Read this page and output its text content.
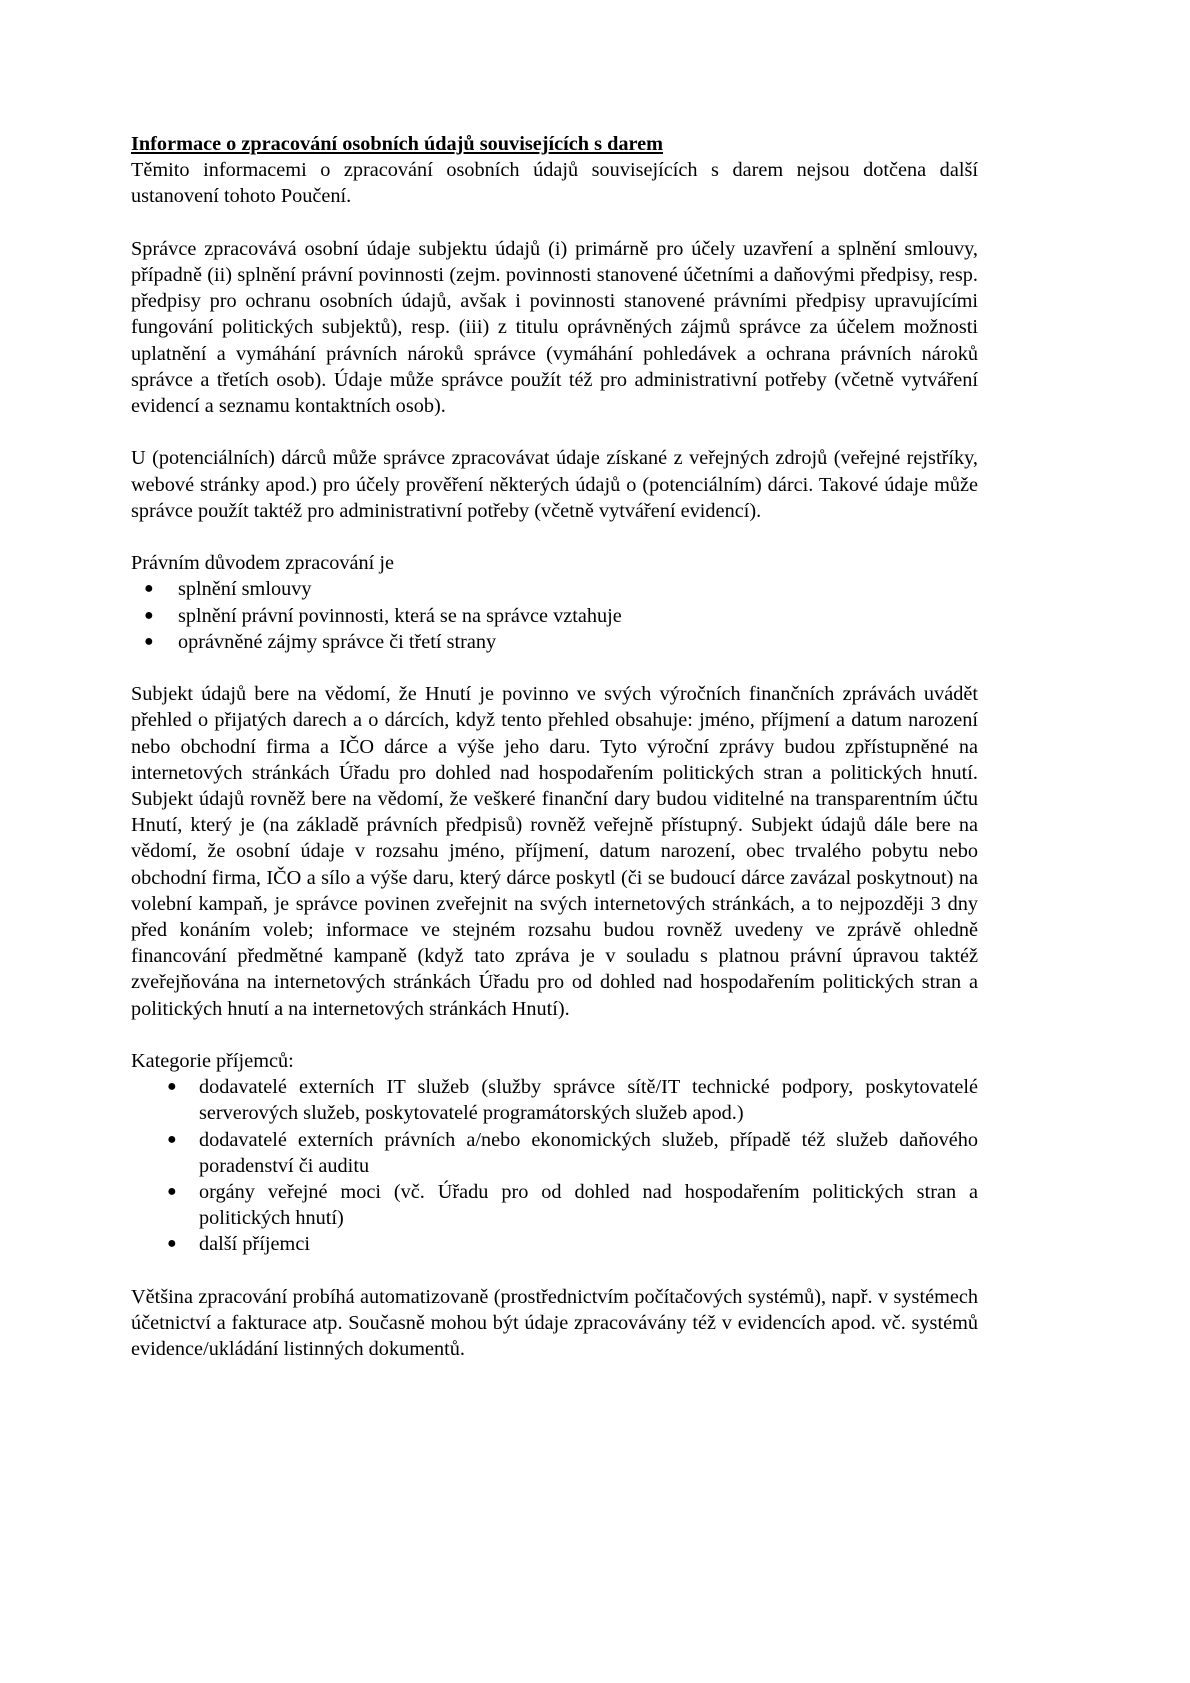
Informace o zpracování osobních údajů souvisejících s darem

Těmito informacemi o zpracování osobních údajů souvisejících s darem nejsou dotčena další ustanovení tohoto Poučení.

Správce zpracovává osobní údaje subjektu údajů (i) primárně pro účely uzavření a splnění smlouvy, případně (ii) splnění právní povinnosti (zejm. povinnosti stanovené účetními a daňovými předpisy, resp. předpisy pro ochranu osobních údajů, avšak i povinnosti stanovené právními předpisy upravujícími fungování politických subjektů), resp. (iii) z titulu oprávněných zájmů správce za účelem možnosti uplatnění a vymáhání právních nároků správce (vymáhání pohledávek a ochrana právních nároků správce a třetích osob). Údaje může správce použít též pro administrativní potřeby (včetně vytváření evidencí a seznamu kontaktních osob).

U (potenciálních) dárců může správce zpracovávat údaje získané z veřejných zdrojů (veřejné rejstříky, webové stránky apod.) pro účely prověření některých údajů o (potenciálním) dárci. Takové údaje může správce použít taktéž pro administrativní potřeby (včetně vytváření evidencí).

Právním důvodem zpracování je

● splnění smlouvy
● splnění právní povinnosti, která se na správce vztahuje
● oprávněné zájmy správce či třetí strany

Subjekt údajů bere na vědomí, že Hnutí je povinno ve svých výročních finančních zprávách uvádět přehled o přijatých darech a o dárcích, když tento přehled obsahuje: jméno, příjmení a datum narození nebo obchodní firma a IČO dárce a výše jeho daru. Tyto výroční zprávy budou zpřístupněné na internetových stránkách Úřadu pro dohled nad hospodařením politických stran a politických hnutí. Subjekt údajů rovněž bere na vědomí, že veškeré finanční dary budou viditelné na transparentním účtu Hnutí, který je (na základě právních předpisů) rovněž veřejně přístupný. Subjekt údajů dále bere na vědomí, že osobní údaje v rozsahu jméno, příjmení, datum narození, obec trvalého pobytu nebo obchodní firma, IČO a sílo a výše daru, který dárce poskytl (či se budoucí dárce zavázal poskytnout) na volební kampaň, je správce povinen zveřejnit na svých internetových stránkách, a to nejpozději 3 dny před konáním voleb; informace ve stejném rozsahu budou rovněž uvedeny ve zprávě ohledně financování předmětné kampaně (když tato zpráva je v souladu s platnou právní úpravou taktéž zveřejňována na internetových stránkách Úřadu pro od dohled nad hospodařením politických stran a politických hnutí a na internetových stránkách Hnutí).

Kategorie příjemců:

● dodavatelé externích IT služeb (služby správce sítě/IT technické podpory, poskytovatelé serverových služeb, poskytovatelé programátorských služeb apod.)
● dodavatelé externích právních a/nebo ekonomických služeb, případě též služeb daňového poradenství či auditu
● orgány veřejné moci (vč. Úřadu pro od dohled nad hospodařením politických stran a politických hnutí)
● další příjemci

Většina zpracování probíhá automatizovaně (prostřednictvím počítačových systémů), např. v systémech účetnictví a fakturace atp. Současně mohou být údaje zpracovávány též v evidencích apod. vč. systémů evidence/ukládání listinných dokumentů.
